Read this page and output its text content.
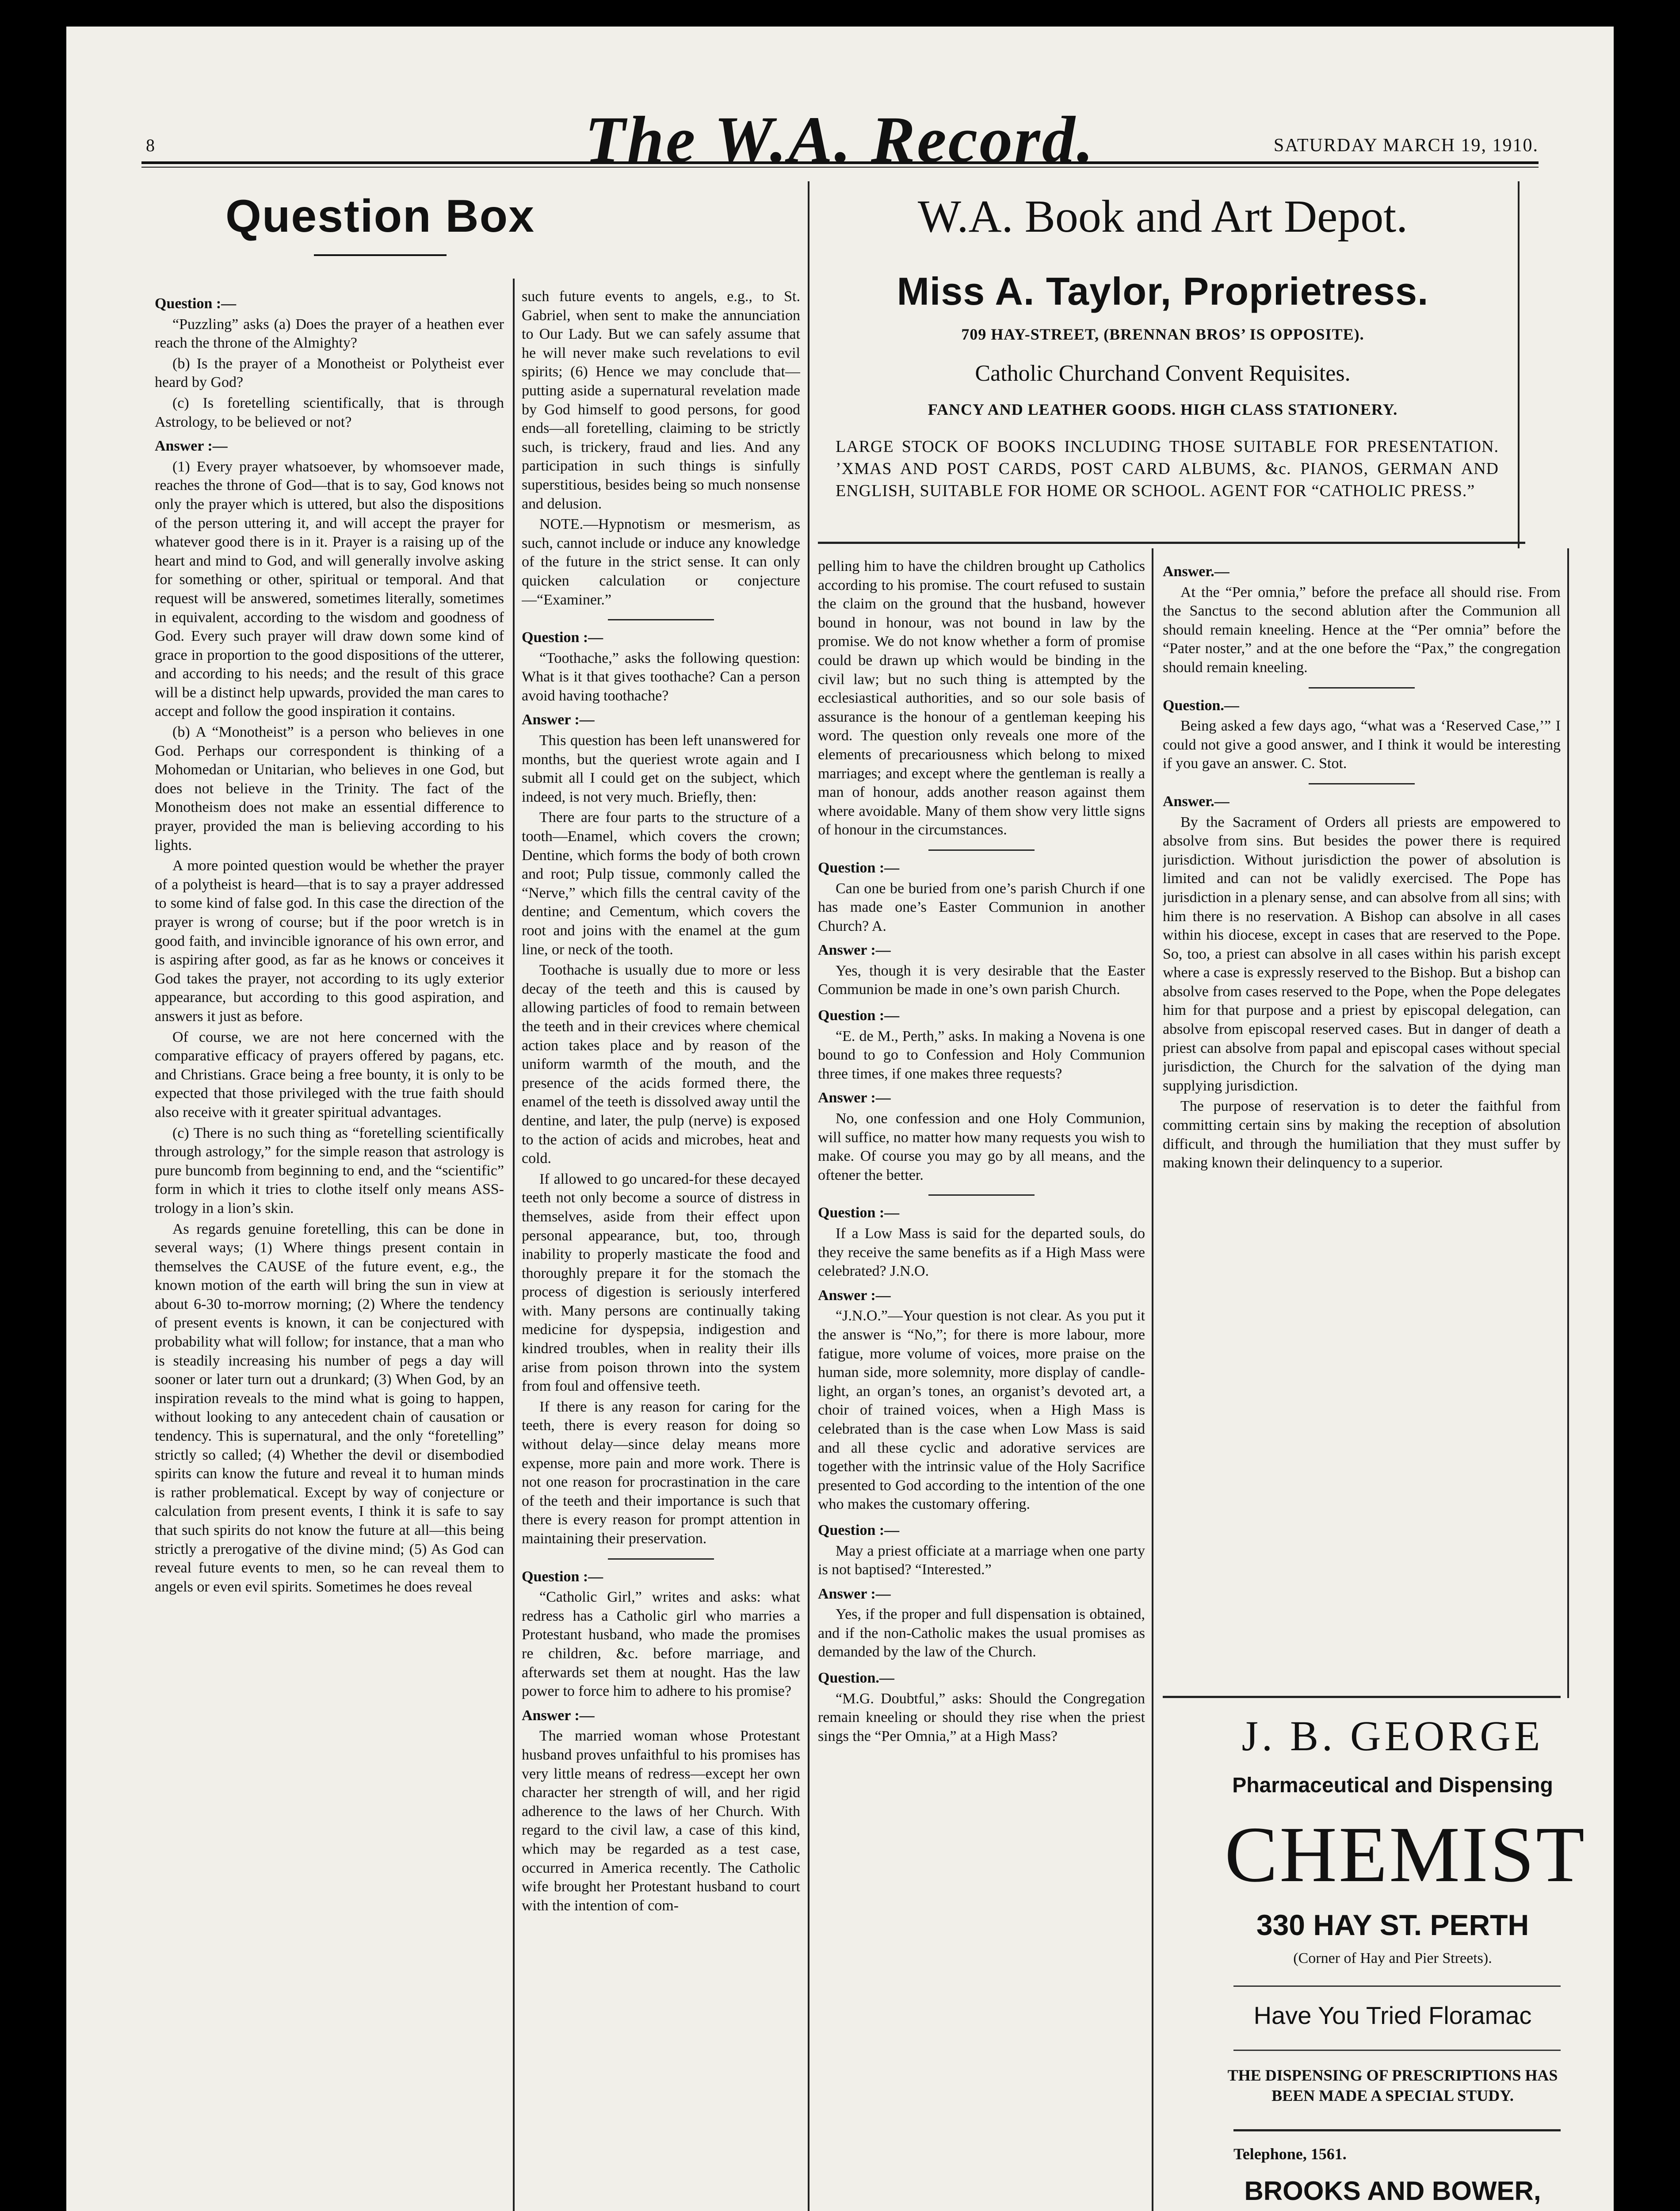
8	The W.A. Record.	SATURDAY MARCH 19, 1910.
Question Box	W.A. Book and Art Depot.
Miss A. Taylor, Proprietress.
709 HAY-STREET, (BRENNAN BROS’ IS OPPOSITE).
Catholic Churchand Convent Requisites.
FANCY AND LEATHER GOODS. HIGH CLASS STATIONERY.
LARGE STOCK OF BOOKS INCLUDING THOSE SUITABLE FOR PRESENTATION. ’XMAS AND POST CARDS, POST CARD ALBUMS, &c. PIANOS, GERMAN AND ENGLISH, SUITABLE FOR HOME OR SCHOOL. AGENT FOR “CATHOLIC PRESS.”

Question :—

“Puzzling” asks (a) Does the prayer of a heathen ever reach the throne of the Almighty?

(b) Is the prayer of a Monotheist or Polytheist ever heard by God?

(c) Is foretelling scientifically, that is through Astrology, to be believed or not?

Answer :—

(1) Every prayer whatsoever, by whomsoever made, reaches the throne of God—that is to say, God knows not only the prayer which is uttered, but also the dispositions of the person uttering it, and will accept the prayer for whatever good there is in it. Prayer is a raising up of the heart and mind to God, and will generally involve asking for something or other, spiritual or temporal. And that request will be answered, sometimes literally, sometimes in equivalent, according to the wisdom and goodness of God. Every such prayer will draw down some kind of grace in proportion to the good dispositions of the utterer, and according to his needs; and the result of this grace will be a distinct help upwards, provided the man cares to accept and follow the good inspiration it contains.

(b) A “Monotheist” is a person who believes in one God. Perhaps our correspondent is thinking of a Mohomedan or Unitarian, who believes in one God, but does not believe in the Trinity. The fact of the Monotheism does not make an essential difference to prayer, provided the man is believing according to his lights.

A more pointed question would be whether the prayer of a polytheist is heard—that is to say a prayer addressed to some kind of false god. In this case the direction of the prayer is wrong of course; but if the poor wretch is in good faith, and invincible ignorance of his own error, and is aspiring after good, as far as he knows or conceives it God takes the prayer, not according to its ugly exterior appearance, but according to this good aspiration, and answers it just as before.

Of course, we are not here concerned with the comparative efficacy of prayers offered by pagans, etc. and Christians. Grace being a free bounty, it is only to be expected that those privileged with the true faith should also receive with it greater spiritual advantages.

(c) There is no such thing as “foretelling scientifically through astrology,” for the simple reason that astrology is pure buncomb from beginning to end, and the “scientific” form in which it tries to clothe itself only means ASS-trology in a lion’s skin.

As regards genuine foretelling, this can be done in several ways; (1) Where things present contain in themselves the CAUSE of the future event, e.g., the known motion of the earth will bring the sun in view at about 6-30 to-morrow morning; (2) Where the tendency of present events is known, it can be conjectured with probability what will follow; for instance, that a man who is steadily increasing his number of pegs a day will sooner or later turn out a drunkard; (3) When God, by an inspiration reveals to the mind what is going to happen, without looking to any antecedent chain of causation or tendency. This is supernatural, and the only “foretelling” strictly so called; (4) Whether the devil or disembodied spirits can know the future and reveal it to human minds is rather problematical. Except by way of conjecture or calculation from present events, I think it is safe to say that such spirits do not know the future at all—this being strictly a prerogative of the divine mind; (5) As God can reveal future events to men, so he can reveal them to angels or even evil spirits. Sometimes he does reveal

such future events to angels, e.g., to St. Gabriel, when sent to make the annunciation to Our Lady. But we can safely assume that he will never make such revelations to evil spirits; (6) Hence we may conclude that—putting aside a supernatural revelation made by God himself to good persons, for good ends—all foretelling, claiming to be strictly such, is trickery, fraud and lies. And any participation in such things is sinfully superstitious, besides being so much nonsense and delusion.

NOTE.—Hypnotism or mesmerism, as such, cannot include or induce any knowledge of the future in the strict sense. It can only quicken calculation or conjecture—“Examiner.”

Question :—

“Toothache,” asks the following question: What is it that gives toothache? Can a person avoid having toothache?

Answer :—

This question has been left unanswered for months, but the queriest wrote again and I submit all I could get on the subject, which indeed, is not very much. Briefly, then:

There are four parts to the structure of a tooth—Enamel, which covers the crown; Dentine, which forms the body of both crown and root; Pulp tissue, commonly called the “Nerve,” which fills the central cavity of the dentine; and Cementum, which covers the root and joins with the enamel at the gum line, or neck of the tooth.

Toothache is usually due to more or less decay of the teeth and this is caused by allowing particles of food to remain between the teeth and in their crevices where chemical action takes place and by reason of the uniform warmth of the mouth, and the presence of the acids formed there, the enamel of the teeth is dissolved away until the dentine, and later, the pulp (nerve) is exposed to the action of acids and microbes, heat and cold.

If allowed to go uncared-for these decayed teeth not only become a source of distress in themselves, aside from their effect upon personal appearance, but, too, through inability to properly masticate the food and thoroughly prepare it for the stomach the process of digestion is seriously interfered with. Many persons are continually taking medicine for dyspepsia, indigestion and kindred troubles, when in reality their ills arise from poison thrown into the system from foul and offensive teeth.

If there is any reason for caring for the teeth, there is every reason for doing so without delay—since delay means more expense, more pain and more work. There is not one reason for procrastination in the care of the teeth and their importance is such that there is every reason for prompt attention in maintaining their preservation.

Question :—

“Catholic Girl,” writes and asks: what redress has a Catholic girl who marries a Protestant husband, who made the promises re children, &c. before marriage, and afterwards set them at nought. Has the law power to force him to adhere to his promise?

Answer :—

The married woman whose Protestant husband proves unfaithful to his promises has very little means of redress—except her own character her strength of will, and her rigid adherence to the laws of her Church. With regard to the civil law, a case of this kind, which may be regarded as a test case, occurred in America recently. The Catholic wife brought her Protestant husband to court with the intention of com-

pelling him to have the children brought up Catholics according to his promise. The court refused to sustain the claim on the ground that the husband, however bound in honour, was not bound in law by the promise. We do not know whether a form of promise could be drawn up which would be binding in the civil law; but no such thing is attempted by the ecclesiastical authorities, and so our sole basis of assurance is the honour of a gentleman keeping his word. The question only reveals one more of the elements of precariousness which belong to mixed marriages; and except where the gentleman is really a man of honour, adds another reason against them where avoidable. Many of them show very little signs of honour in the circumstances.

Question :—

Can one be buried from one’s parish Church if one has made one’s Easter Communion in another Church? A.

Answer :—

Yes, though it is very desirable that the Easter Communion be made in one’s own parish Church.

Question :—

“E. de M., Perth,” asks. In making a Novena is one bound to go to Confession and Holy Communion three times, if one makes three requests?

Answer :—

No, one confession and one Holy Communion, will suffice, no matter how many requests you wish to make. Of course you may go by all means, and the oftener the better.

Question :—

If a Low Mass is said for the departed souls, do they receive the same benefits as if a High Mass were celebrated? J.N.O.

Answer :—

“J.N.O.”—Your question is not clear. As you put it the answer is “No,”; for there is more labour, more fatigue, more volume of voices, more praise on the human side, more solemnity, more display of candle-light, an organ’s tones, an organist’s devoted art, a choir of trained voices, when a High Mass is celebrated than is the case when Low Mass is said and all these cyclic and adorative services are together with the intrinsic value of the Holy Sacrifice presented to God according to the intention of the one who makes the customary offering.

Question :—

May a priest officiate at a marriage when one party is not baptised? “Interested.”

Answer :—

Yes, if the proper and full dispensation is obtained, and if the non-Catholic makes the usual promises as demanded by the law of the Church.

Question.—

“M.G. Doubtful,” asks: Should the Congregation remain kneeling or should they rise when the priest sings the “Per Omnia,” at a High Mass?

Answer.—

At the “Per omnia,” before the preface all should rise. From the Sanctus to the second ablution after the Communion all should remain kneeling. Hence at the “Per omnia” before the “Pater noster,” and at the one before the “Pax,” the congregation should remain kneeling.

Question.—

Being asked a few days ago, “what was a ‘Reserved Case,’” I could not give a good answer, and I think it would be interesting if you gave an answer. C. Stot.

Answer.—

By the Sacrament of Orders all priests are empowered to absolve from sins. But besides the power there is required jurisdiction. Without jurisdiction the power of absolution is limited and can not be validly exercised. The Pope has jurisdiction in a plenary sense, and can absolve from all sins; with him there is no reservation. A Bishop can absolve in all cases within his diocese, except in cases that are reserved to the Pope. So, too, a priest can absolve in all cases within his parish except where a case is expressly reserved to the Bishop. But a bishop can absolve from cases reserved to the Pope, when the Pope delegates him for that purpose and a priest by episcopal delegation, can absolve from episcopal reserved cases. But in danger of death a priest can absolve from papal and episcopal cases without special jurisdiction, the Church for the salvation of the dying man supplying jurisdiction.

The purpose of reservation is to deter the faithful from committing certain sins by making the reception of absolution difficult, and through the humiliation that they must suffer by making known their delinquency to a superior.

J. B. GEORGE
Pharmaceutical and Dispensing
CHEMIST
330 HAY ST. PERTH
(Corner of Hay and Pier Streets).
Have You Tried Floramac
THE DISPENSING OF PRESCRIPTIONS HAS BEEN MADE A SPECIAL STUDY.
Telephone, 1561.
BROOKS AND BOWER,
